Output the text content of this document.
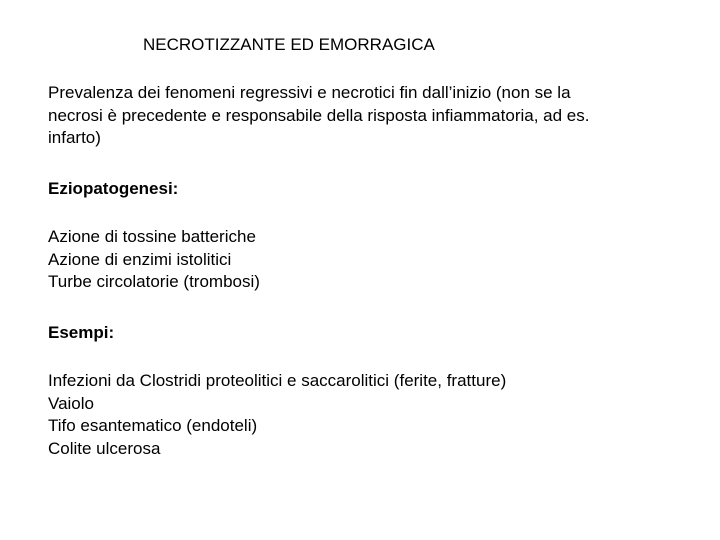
NECROTIZZANTE ED EMORRAGICA
Prevalenza dei fenomeni regressivi e necrotici fin dall’inizio (non se la
necrosi è precedente e responsabile della risposta infiammatoria, ad es.
infarto)
Eziopatogenesi:
Azione di tossine batteriche
Azione di enzimi istolitici
Turbe circolatorie (trombosi)
Esempi:
Infezioni da Clostridi proteolitici e saccarolitici (ferite, fratture)
Vaiolo
Tifo esantematico (endoteli)
Colite ulcerosa
